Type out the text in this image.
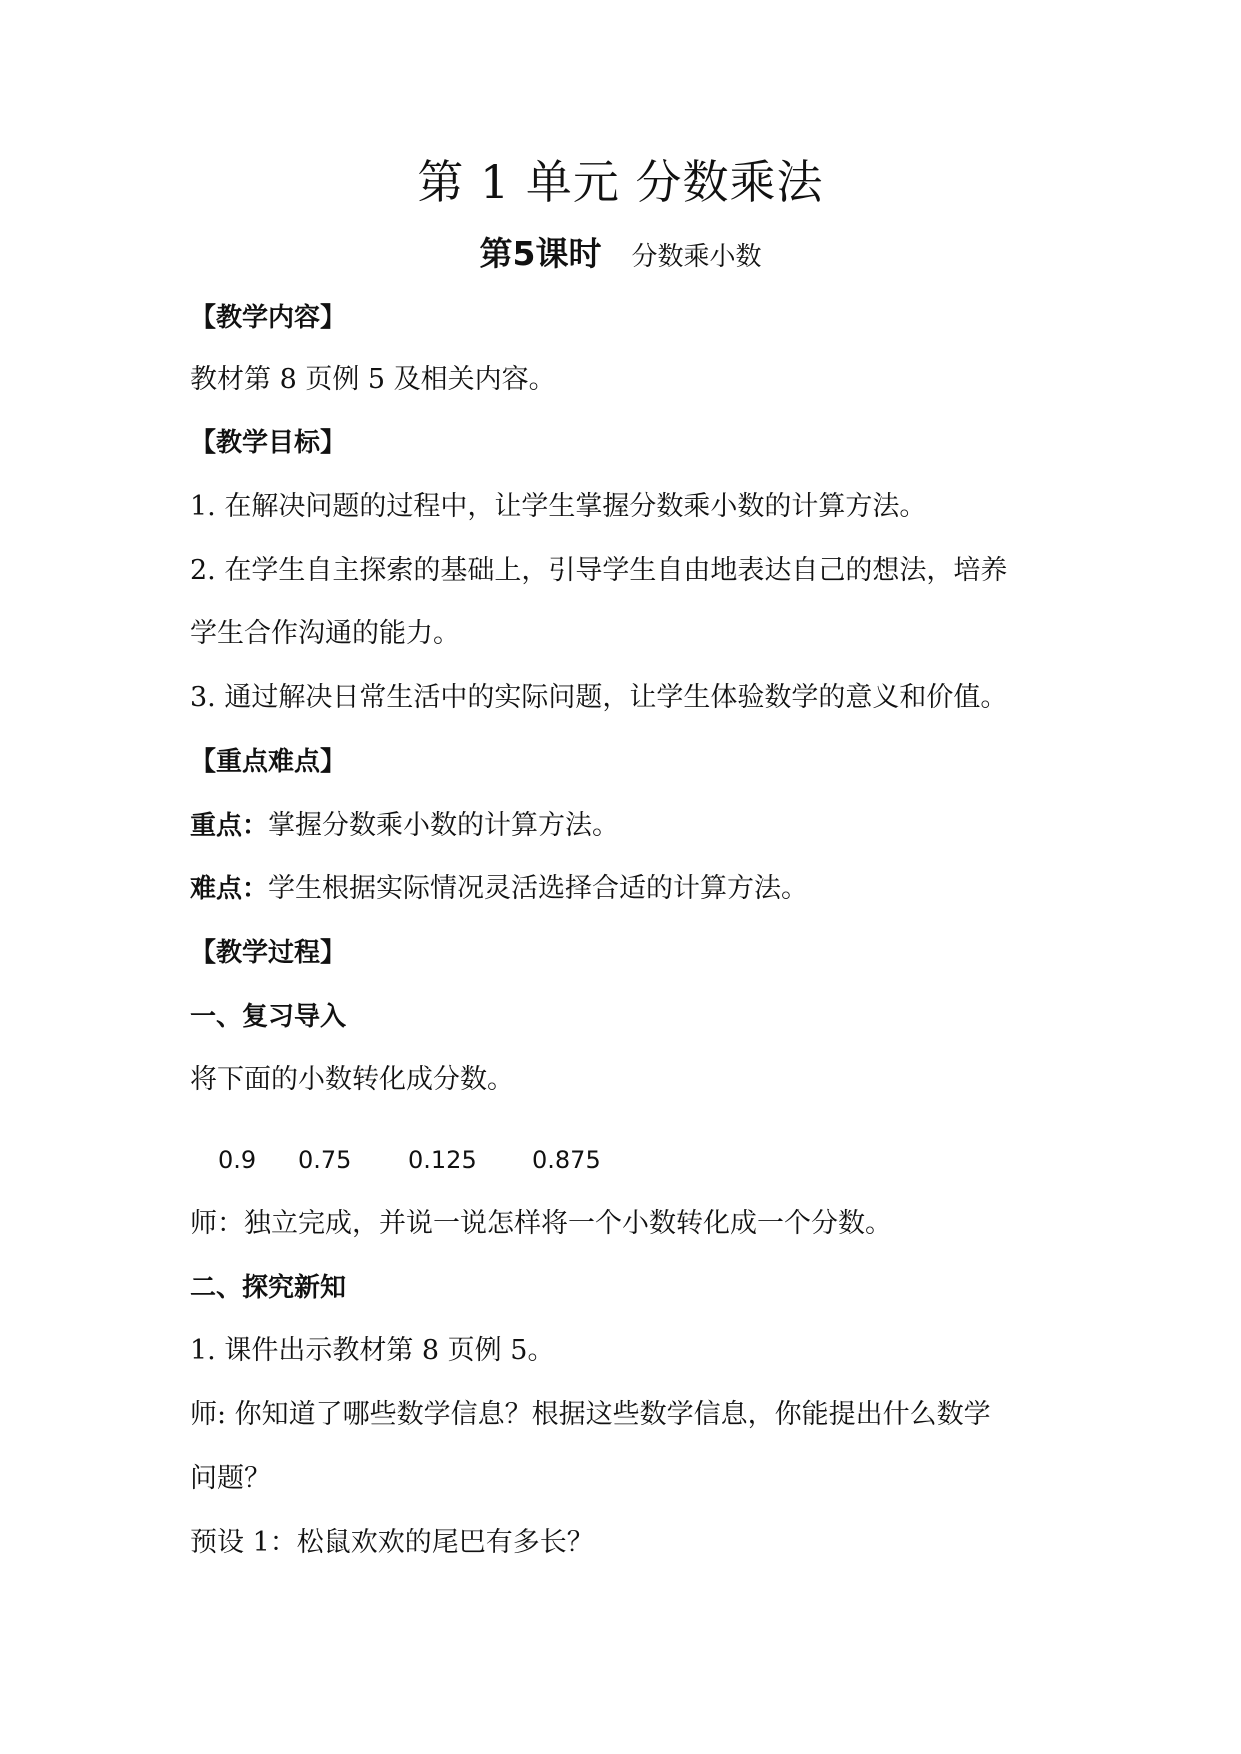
第 1 单元 分数乘法
第5课时 分数乘小数
【教学内容】
教材第 8 页例 5 及相关内容。
【教学目标】
1. 在解决问题的过程中，让学生掌握分数乘小数的计算方法。
2. 在学生自主探索的基础上，引导学生自由地表达自己的想法，培养
学生合作沟通的能力。
3. 通过解决日常生活中的实际问题，让学生体验数学的意义和价值。
【重点难点】
重点：掌握分数乘小数的计算方法。
难点：学生根据实际情况灵活选择合适的计算方法。
【教学过程】
一、复习导入
将下面的小数转化成分数。
0.9 0.75 0.125 0.875
师：独立完成，并说一说怎样将一个小数转化成一个分数。
二、探究新知
1. 课件出示教材第 8 页例 5。
师: 你知道了哪些数学信息？根据这些数学信息，你能提出什么数学
问题？
预设 1：松鼠欢欢的尾巴有多长？
